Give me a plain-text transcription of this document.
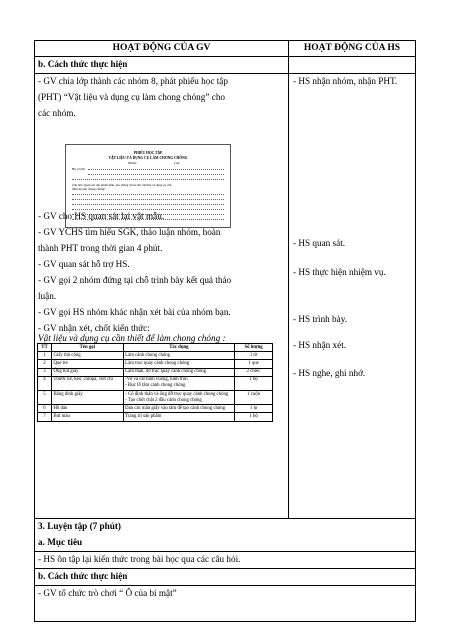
HOẠT ĐỘNG CỦA GV	HOẠT ĐỘNG CỦA HS
b. Cách thức thực hiện
- GV chia lớp thành các nhóm 8, phát phiếu học tập
(PHT) “Vật liệu và dụng cụ làm chong chóng” cho
các nhóm.
PHIẾU HỌC TẬP
VẬT LIỆU VÀ DỤNG CỤ LÀM CHONG CHÓNG
Nhóm:	Lớp:
Hộ và tên:
Câu hỏi: Quan sát sản phẩm mẫu, đọc thông tin kể tên vật liệu và dụng cụ cần
thiết để làm chong chóng?
- GV cho HS quan sát lại vật mẫu.
- GV YCHS tìm hiểu SGK, thảo luận nhóm, hoàn
thành PHT trong thời gian 4 phút.
- GV quan sát hỗ trợ HS.
- GV gọi 2 nhóm đứng tại chỗ trình bày kết quả thảo
luận.
- GV gọi HS nhóm khác nhận xét bài của nhóm bạn.
- GV nhận xét, chốt kiến thức:
Vật liệu và dụng cụ cần thiết để làm chong chóng :
TT	Tên gọi	Tác dụng	Số lượng
1	Giấy thủ công	Làm cánh chong chóng	1 tờ
2	Que tre	Làm trục quay cánh chong chóng	1 que
3	Ống hút giấy	Làm thân, đỡ trục quay cánh chong chóng	2 chiếc
4	Thước kẻ, kéo, compa, viết chì	-Vẽ và cắt hình vuông, hình tròn
- Đục lỗ tâm cánh chong chóng	1 bộ
5	Băng dính giấy	- Cố định thân và ống đỡ trục quay cánh chong chóng
- Tạo chốt chặt 2 đầu cánh chong chóng	1 cuộn
6	Hồ dán	Dán các mẩu giấy vào tâm để tạo cánh chong chóng	1 lọ
7	Bút màu	Trang trí sản phẩm	1 bộ
- HS nhận nhóm, nhận PHT.
- HS quan sát.
- HS thực hiện nhiệm vụ.
- HS trình bày.
- HS nhận xét.
- HS nghe, ghi nhớ.
3. Luyện tập (7 phút)
a. Mục tiêu
- HS ôn tập lại kiến thức trong bài học qua các câu hỏi.
b. Cách thức thực hiện
- GV tổ chức trò chơi “ Ô của bí mật”
